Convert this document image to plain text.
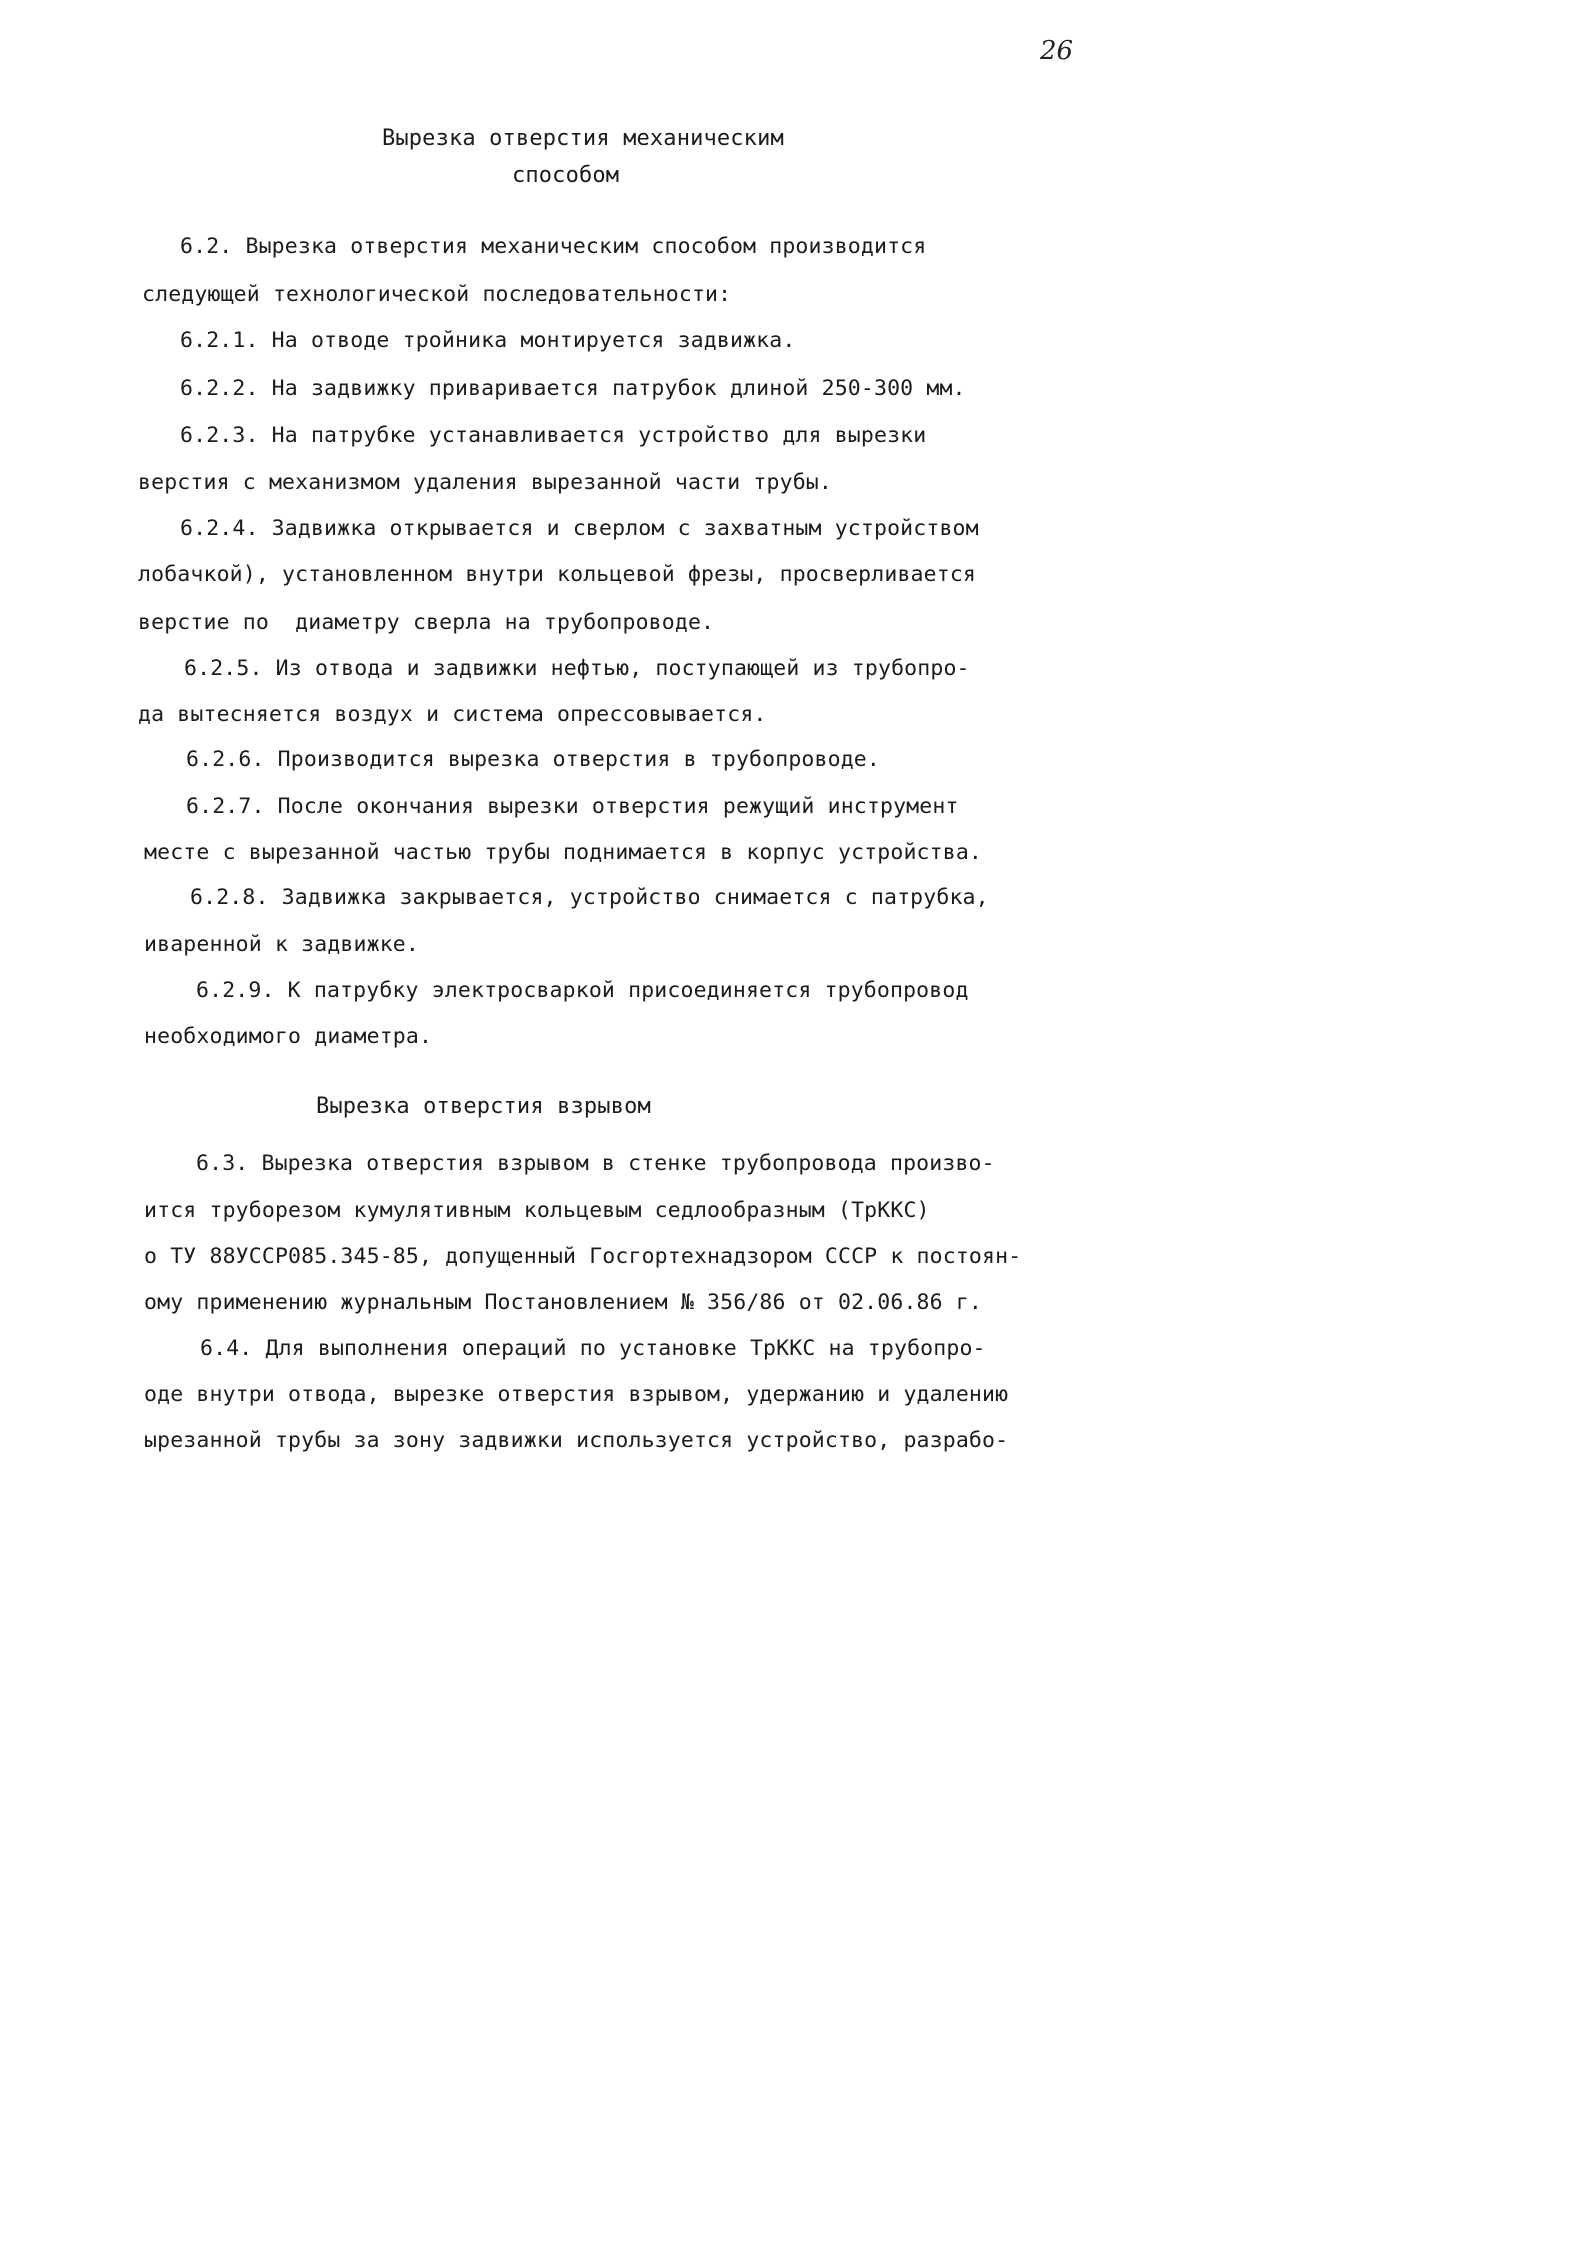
26
Вырезка отверстия механическим
способом
6.2. Вырезка отверстия механическим способом производится
следующей технологической последовательности:
6.2.1. На отводе тройника монтируется задвижка.
6.2.2. На задвижку приваривается патрубок длиной 250-300 мм.
6.2.3. На патрубке устанавливается устройство для вырезки
верстия с механизмом удаления вырезанной части трубы.
6.2.4. Задвижка открывается и сверлом с захватным устройством
лобачкой), установленном внутри кольцевой фрезы, просверливается
верстие по  диаметру сверла на трубопроводе.
6.2.5. Из отвода и задвижки нефтью, поступающей из трубопро-
да вытесняется воздух и система опрессовывается.
6.2.6. Производится вырезка отверстия в трубопроводе.
6.2.7. После окончания вырезки отверстия режущий инструмент
месте с вырезанной частью трубы поднимается в корпус устройства.
6.2.8. Задвижка закрывается, устройство снимается с патрубка,
иваренной к задвижке.
6.2.9. К патрубку электросваркой присоединяется трубопровод
необходимого диаметра.
Вырезка отверстия взрывом
6.3. Вырезка отверстия взрывом в стенке трубопровода произво-
ится труборезом кумулятивным кольцевым седлообразным (ТрККС)
о ТУ 88УССР085.345-85, допущенный Госгортехнадзором СССР к постоян-
ому применению журнальным Постановлением № 356/86 от 02.06.86 г.
6.4. Для выполнения операций по установке ТрККС на трубопро-
оде внутри отвода, вырезке отверстия взрывом, удержанию и удалению
ырезанной трубы за зону задвижки используется устройство, разрабо-
